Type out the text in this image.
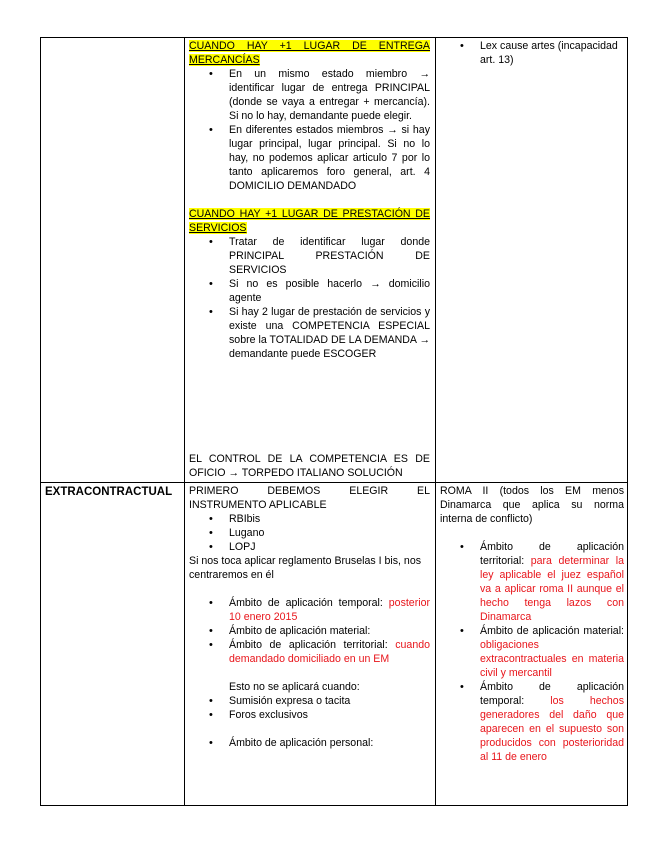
CUANDO HAY +1 LUGAR DE ENTREGA MERCANCÍAS
• En un mismo estado miembro → identificar lugar de entrega PRINCIPAL (donde se vaya a entregar + mercancía). Si no lo hay, demandante puede elegir.
• En diferentes estados miembros → si hay lugar principal, lugar principal. Si no lo hay, no podemos aplicar articulo 7 por lo tanto aplicaremos foro general, art. 4 DOMICILIO DEMANDADO
CUANDO HAY +1 LUGAR DE PRESTACIÓN DE SERVICIOS
• Tratar de identificar lugar donde PRINCIPAL PRESTACIÓN DE SERVICIOS
• Si no es posible hacerlo → domicilio agente
• Si hay 2 lugar de prestación de servicios y existe una COMPETENCIA ESPECIAL sobre la TOTALIDAD DE LA DEMANDA → demandante puede ESCOGER
EL CONTROL DE LA COMPETENCIA ES DE OFICIO → TORPEDO ITALIANO SOLUCIÓN
• Lex cause artes (incapacidad art. 13)
EXTRACONTRACTUAL PRIMERO DEBEMOS ELEGIR EL INSTRUMENTO APLICABLE
• RBIbis
• Lugano
• LOPJ
Si nos toca aplicar reglamento Bruselas I bis, nos centraremos en él
• Ámbito de aplicación temporal: posterior 10 enero 2015
• Ámbito de aplicación material:
• Ámbito de aplicación territorial: cuando demandado domiciliado en un EM
Esto no se aplicará cuando:
• Sumisión expresa o tacita
• Foros exclusivos
• Ámbito de aplicación personal:
ROMA II (todos los EM menos Dinamarca que aplica su norma interna de conflicto)
• Ámbito de aplicación territorial: para determinar la ley aplicable el juez español va a aplicar roma II aunque el hecho tenga lazos con Dinamarca
• Ámbito de aplicación material: obligaciones extracontractuales en materia civil y mercantil
• Ámbito de aplicación temporal: los hechos generadores del daño que aparecen en el supuesto son producidos con posterioridad al 11 de enero
